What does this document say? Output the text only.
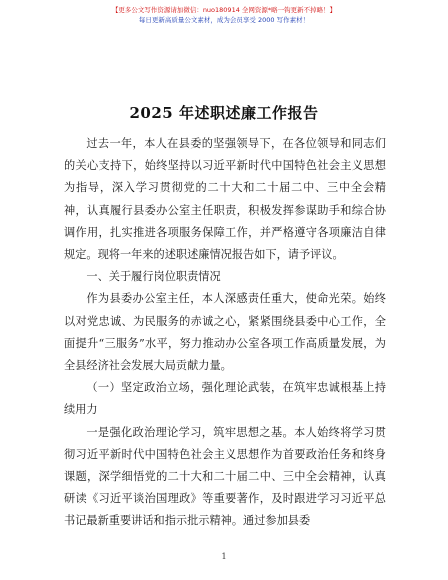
【更多公文写作资源请加微信：nuo180914 全网资源*略一钩更新不掉略！】
每日更新高质量公文素材，成为会员享受 2000 写作素材！
2025 年述职述廉工作报告

过去一年，本人在县委的坚强领导下，在各位领导和同志们的关心支持下，始终坚持以习近平新时代中国特色社会主义思想为指导，深入学习贯彻党的二十大和二十届二中、三中全会精神，认真履行县委办公室主任职责，积极发挥参谋助手和综合协调作用，扎实推进各项服务保障工作，并严格遵守各项廉洁自律规定。现将一年来的述职述廉情况报告如下，请予评议。

一、关于履行岗位职责情况

作为县委办公室主任，本人深感责任重大，使命光荣。始终以对党忠诚、为民服务的赤诚之心，紧紧围绕县委中心工作，全面提升“三服务”水平，努力推动办公室各项工作高质量发展，为全县经济社会发展大局贡献力量。

（一）坚定政治立场，强化理论武装，在筑牢忠诚根基上持续用力

一是强化政治理论学习，筑牢思想之基。本人始终将学习贯彻习近平新时代中国特色社会主义思想作为首要政治任务和终身课题，深学细悟党的二十大和二十届二中、三中全会精神，认真研读《习近平谈治国理政》等重要著作，及时跟进学习习近平总书记最新重要讲话和指示批示精神。通过参加县委

1
